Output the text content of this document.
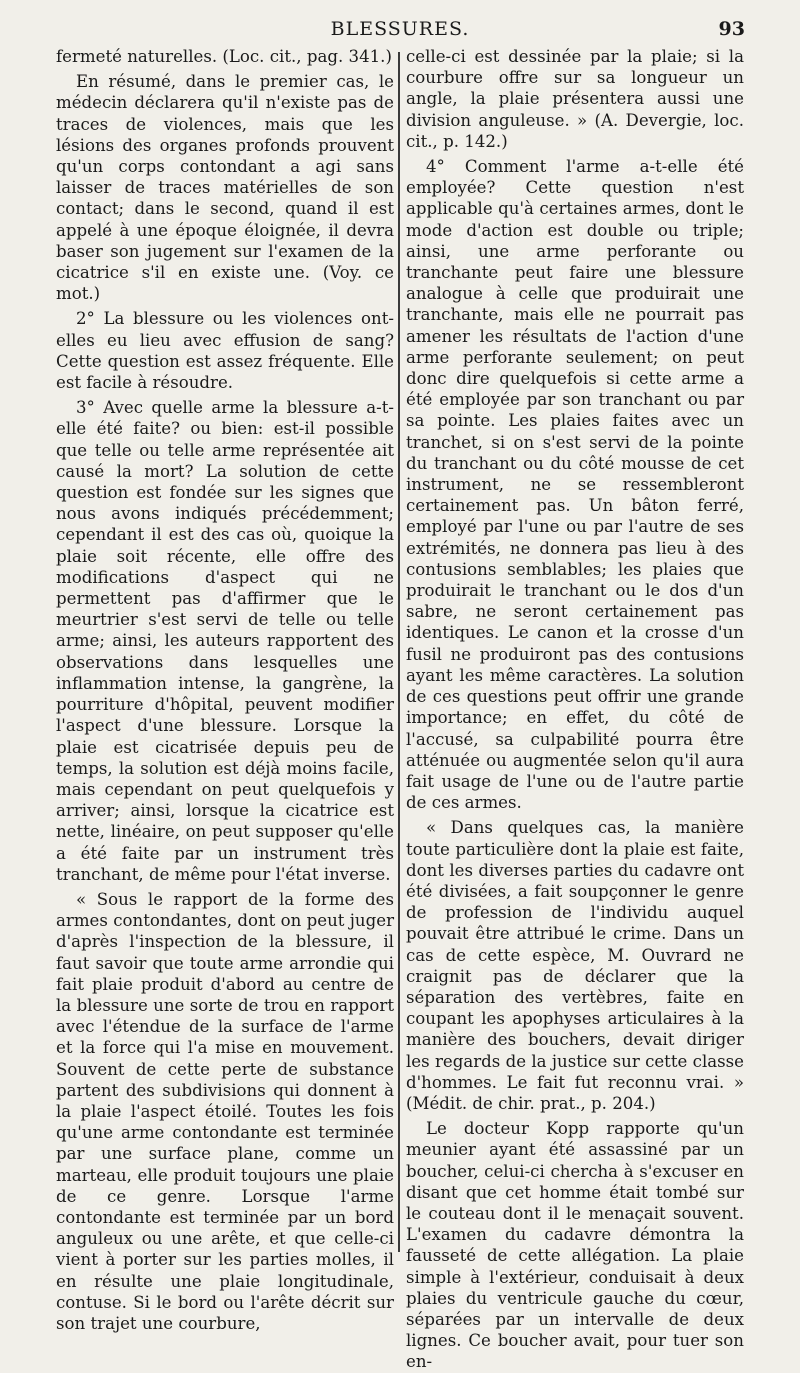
BLESSURES.	93

fermeté naturelles. (Loc. cit., pag. 341.)

En résumé, dans le premier cas, le médecin déclarera qu'il n'existe pas de traces de violences, mais que les lésions des organes profonds prouvent qu'un corps contondant a agi sans laisser de traces matérielles de son contact; dans le second, quand il est appelé à une époque éloignée, il devra baser son jugement sur l'examen de la cicatrice s'il en existe une. (Voy. ce mot.)

2° La blessure ou les violences ont-elles eu lieu avec effusion de sang? Cette question est assez fréquente. Elle est facile à résoudre.

3° Avec quelle arme la blessure a-t-elle été faite? ou bien: est-il possible que telle ou telle arme représentée ait causé la mort? La solution de cette question est fondée sur les signes que nous avons indiqués précédemment; cependant il est des cas où, quoique la plaie soit récente, elle offre des modifications d'aspect qui ne permettent pas d'affirmer que le meurtrier s'est servi de telle ou telle arme; ainsi, les auteurs rapportent des observations dans lesquelles une inflammation intense, la gangrène, la pourriture d'hôpital, peuvent modifier l'aspect d'une blessure. Lorsque la plaie est cicatrisée depuis peu de temps, la solution est déjà moins facile, mais cependant on peut quelquefois y arriver; ainsi, lorsque la cicatrice est nette, linéaire, on peut supposer qu'elle a été faite par un instrument très tranchant, de même pour l'état inverse.

« Sous le rapport de la forme des armes contondantes, dont on peut juger d'après l'inspection de la blessure, il faut savoir que toute arme arrondie qui fait plaie produit d'abord au centre de la blessure une sorte de trou en rapport avec l'étendue de la surface de l'arme et la force qui l'a mise en mouvement. Souvent de cette perte de substance partent des subdivisions qui donnent à la plaie l'aspect étoilé. Toutes les fois qu'une arme contondante est terminée par une surface plane, comme un marteau, elle produit toujours une plaie de ce genre. Lorsque l'arme contondante est terminée par un bord anguleux ou une arête, et que celle-ci vient à porter sur les parties molles, il en résulte une plaie longitudinale, contuse. Si le bord ou l'arête décrit sur son trajet une courbure,

celle-ci est dessinée par la plaie; si la courbure offre sur sa longueur un angle, la plaie présentera aussi une division anguleuse. » (A. Devergie, loc. cit., p. 142.)

4° Comment l'arme a-t-elle été employée? Cette question n'est applicable qu'à certaines armes, dont le mode d'action est double ou triple; ainsi, une arme perforante ou tranchante peut faire une blessure analogue à celle que produirait une tranchante, mais elle ne pourrait pas amener les résultats de l'action d'une arme perforante seulement; on peut donc dire quelquefois si cette arme a été employée par son tranchant ou par sa pointe. Les plaies faites avec un tranchet, si on s'est servi de la pointe du tranchant ou du côté mousse de cet instrument, ne se ressembleront certainement pas. Un bâton ferré, employé par l'une ou par l'autre de ses extrémités, ne donnera pas lieu à des contusions semblables; les plaies que produirait le tranchant ou le dos d'un sabre, ne seront certainement pas identiques. Le canon et la crosse d'un fusil ne produiront pas des contusions ayant les même caractères. La solution de ces questions peut offrir une grande importance; en effet, du côté de l'accusé, sa culpabilité pourra être atténuée ou augmentée selon qu'il aura fait usage de l'une ou de l'autre partie de ces armes.

« Dans quelques cas, la manière toute particulière dont la plaie est faite, dont les diverses parties du cadavre ont été divisées, a fait soupçonner le genre de profession de l'individu auquel pouvait être attribué le crime. Dans un cas de cette espèce, M. Ouvrard ne craignit pas de déclarer que la séparation des vertèbres, faite en coupant les apophyses articulaires à la manière des bouchers, devait diriger les regards de la justice sur cette classe d'hommes. Le fait fut reconnu vrai. » (Médit. de chir. prat., p. 204.)

Le docteur Kopp rapporte qu'un meunier ayant été assassiné par un boucher, celui-ci chercha à s'excuser en disant que cet homme était tombé sur le couteau dont il le menaçait souvent. L'examen du cadavre démontra la fausseté de cette allégation. La plaie simple à l'extérieur, conduisait à deux plaies du ventricule gauche du cœur, séparées par un intervalle de deux lignes. Ce boucher avait, pour tuer son en-
